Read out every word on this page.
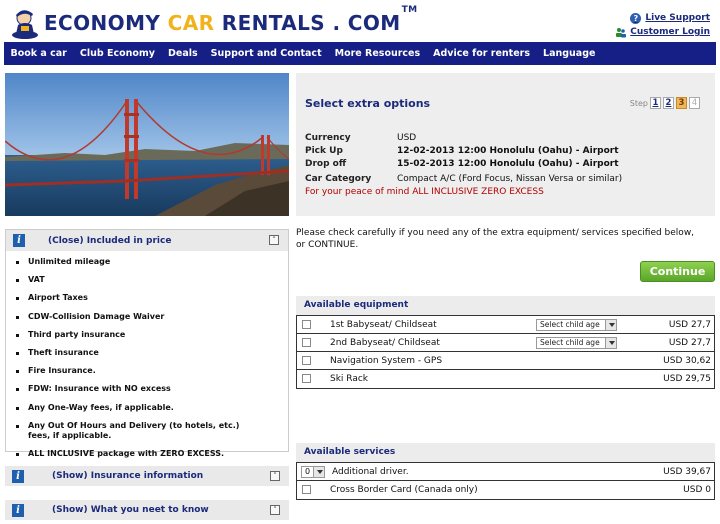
ECONOMY CAR RENTALS . COM™
? Live Support
Customer Login
Book a car	Club Economy	Deals	Support and Contact	More Resources	Advice for renters	Language
Select extra options	Step 1 2 3 4
Currency	USD
Pick Up	12-02-2013 12:00 Honolulu (Oahu) - Airport
Drop off	15-02-2013 12:00 Honolulu (Oahu) - Airport
Car Category	Compact A/C (Ford Focus, Nissan Versa or similar)
For your peace of mind ALL INCLUSIVE ZERO EXCESS
i	(Close) Included in price	˄
Unlimited mileage
VAT
Airport Taxes
CDW-Collision Damage Waiver
Third party insurance
Theft insurance
Fire Insurance.
FDW: Insurance with NO excess
Any One-Way fees, if applicable.
Any Out Of Hours and Delivery (to hotels, etc.) fees, if applicable.
ALL INCLUSIVE package with ZERO EXCESS.
i	(Show) Insurance information	˅
i	(Show) What you neet to know	˅
Please check carefully if you need any of the extra equipment/ services specified below, or CONTINUE.
Continue
Available equipment
1st Babyseat/ Childseat	Select child age	USD 27,7
2nd Babyseat/ Childseat	Select child age	USD 27,7
Navigation System - GPS	USD 30,62
Ski Rack	USD 29,75
Available services
0	Additional driver.	USD 39,67
Cross Border Card (Canada only)	USD 0
